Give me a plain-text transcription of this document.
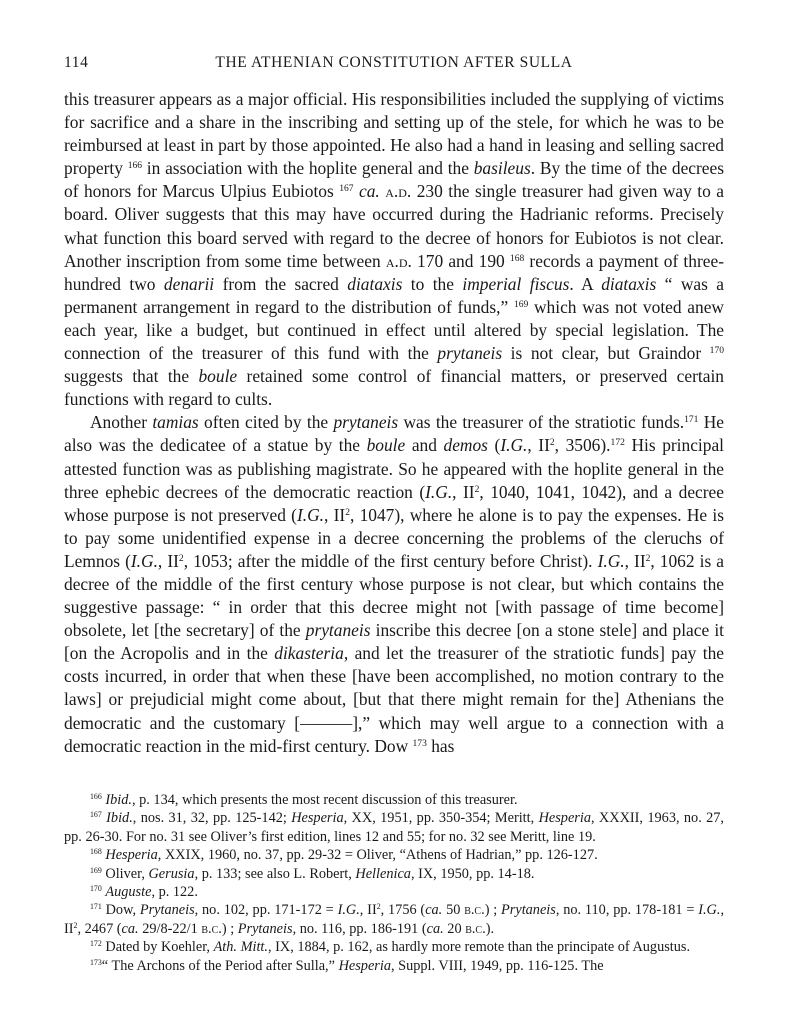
114	THE ATHENIAN CONSTITUTION AFTER SULLA

this treasurer appears as a major official. His responsibilities included the supplying of victims for sacrifice and a share in the inscribing and setting up of the stele, for which he was to be reimbursed at least in part by those appointed. He also had a hand in leasing and selling sacred property $^{166}$ in association with the hoplite general and the basileus. By the time of the decrees of honors for Marcus Ulpius Eubiotos $^{167}$ ca. a.d. 230 the single treasurer had given way to a board. Oliver suggests that this may have occurred during the Hadrianic reforms. Precisely what function this board served with regard to the decree of honors for Eubiotos is not clear. Another inscription from some time between a.d. 170 and 190 $^{168}$ records a payment of three-hundred two denarii from the sacred diataxis to the imperial fiscus. A diataxis “ was a permanent arrangement in regard to the distribution of funds,” $^{169}$ which was not voted anew each year, like a budget, but continued in effect until altered by special legislation. The connection of the treasurer of this fund with the prytaneis is not clear, but Graindor $^{170}$ suggests that the boule retained some control of financial matters, or preserved certain functions with regard to cults.

Another tamias often cited by the prytaneis was the treasurer of the stratiotic funds.$^{171}$ He also was the dedicatee of a statue by the boule and demos (I.G., $II^2$, 3506).$^{172}$ His principal attested function was as publishing magistrate. So he appeared with the hoplite general in the three ephebic decrees of the democratic reaction (I.G., $II^2$, 1040, 1041, 1042), and a decree whose purpose is not preserved (I.G., $II^2$, 1047), where he alone is to pay the expenses. He is to pay some unidentified expense in a decree concerning the problems of the cleruchs of Lemnos (I.G., $II^2$, 1053; after the middle of the first century before Christ). I.G., $II^2$, 1062 is a decree of the middle of the first century whose purpose is not clear, but which contains the suggestive passage: “ in order that this decree might not [with passage of time become] obsolete, let [the secretary] of the prytaneis inscribe this decree [on a stone stele] and place it [on the Acropolis and in the dikasteria, and let the treasurer of the stratiotic funds] pay the costs incurred, in order that when these [have been accomplished, no motion contrary to the laws] or prejudicial might come about, [but that there might remain for the] Athenians the democratic and the customary [———],” which may well argue to a connection with a democratic reaction in the mid-first century. Dow $^{173}$ has

$^{166}$ Ibid., p. 134, which presents the most recent discussion of this treasurer.
$^{167}$ Ibid., nos. 31, 32, pp. 125-142; Hesperia, XX, 1951, pp. 350-354; Meritt, Hesperia, XXXII, 1963, no. 27, pp. 26-30. For no. 31 see Oliver’s first edition, lines 12 and 55; for no. 32 see Meritt, line 19.
$^{168}$ Hesperia, XXIX, 1960, no. 37, pp. 29-32 = Oliver, “Athens of Hadrian,” pp. 126-127.
$^{169}$ Oliver, Gerusia, p. 133; see also L. Robert, Hellenica, IX, 1950, pp. 14-18.
$^{170}$ Auguste, p. 122.
$^{171}$ Dow, Prytaneis, no. 102, pp. 171-172 = I.G., $II^2$, 1756 (ca. 50 b.c.) ; Prytaneis, no. 110, pp. 178-181 = I.G., $II^2$, 2467 (ca. 29/8-22/1 b.c.) ; Prytaneis, no. 116, pp. 186-191 (ca. 20 b.c.).
$^{172}$ Dated by Koehler, Ath. Mitt., IX, 1884, p. 162, as hardly more remote than the principate of Augustus.
$^{173}$“ The Archons of the Period after Sulla,” Hesperia, Suppl. VIII, 1949, pp. 116-125. The
